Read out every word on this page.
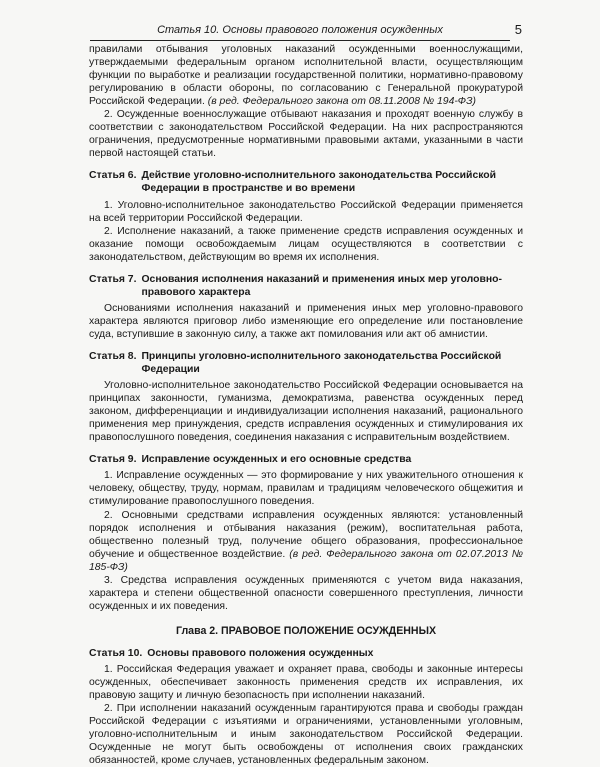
Статья 10. Основы правового положения осужденных	5

правилами отбывания уголовных наказаний осужденными военнослужащими, утверждаемыми федеральным органом исполнительной власти, осуществляющим функции по выработке и реализации государственной политики, нормативно-правовому регулированию в области обороны, по согласованию с Генеральной прокуратурой Российской Федерации. (в ред. Федерального закона от 08.11.2008 № 194-ФЗ)

2. Осужденные военнослужащие отбывают наказания и проходят военную службу в соответствии с законодательством Российской Федерации. На них распространяются ограничения, предусмотренные нормативными правовыми актами, указанными в части первой настоящей статьи.

Статья 6. Действие уголовно-исполнительного законодательства Российской Федерации в пространстве и во времени

1. Уголовно-исполнительное законодательство Российской Федерации применяется на всей территории Российской Федерации.

2. Исполнение наказаний, а также применение средств исправления осужденных и оказание помощи освобождаемым лицам осуществляются в соответствии с законодательством, действующим во время их исполнения.

Статья 7. Основания исполнения наказаний и применения иных мер уголовно-правового характера

Основаниями исполнения наказаний и применения иных мер уголовно-правового характера являются приговор либо изменяющие его определение или постановление суда, вступившие в законную силу, а также акт помилования или акт об амнистии.

Статья 8. Принципы уголовно-исполнительного законодательства Российской Федерации

Уголовно-исполнительное законодательство Российской Федерации основывается на принципах законности, гуманизма, демократизма, равенства осужденных перед законом, дифференциации и индивидуализации исполнения наказаний, рационального применения мер принуждения, средств исправления осужденных и стимулирования их правопослушного поведения, соединения наказания с исправительным воздействием.

Статья 9. Исправление осужденных и его основные средства

1. Исправление осужденных — это формирование у них уважительного отношения к человеку, обществу, труду, нормам, правилам и традициям человеческого общежития и стимулирование правопослушного поведения.

2. Основными средствами исправления осужденных являются: установленный порядок исполнения и отбывания наказания (режим), воспитательная работа, общественно полезный труд, получение общего образования, профессиональное обучение и общественное воздействие. (в ред. Федерального закона от 02.07.2013 № 185-ФЗ)

3. Средства исправления осужденных применяются с учетом вида наказания, характера и степени общественной опасности совершенного преступления, личности осужденных и их поведения.

Глава 2. ПРАВОВОЕ ПОЛОЖЕНИЕ ОСУЖДЕННЫХ
Статья 10. Основы правового положения осужденных

1. Российская Федерация уважает и охраняет права, свободы и законные интересы осужденных, обеспечивает законность применения средств их исправления, их правовую защиту и личную безопасность при исполнении наказаний.

2. При исполнении наказаний осужденным гарантируются права и свободы граждан Российской Федерации с изъятиями и ограничениями, установленными уголовным, уголовно-исполнительным и иным законодательством Российской Федерации. Осужденные не могут быть освобождены от исполнения своих гражданских обязанностей, кроме случаев, установленных федеральным законом.
